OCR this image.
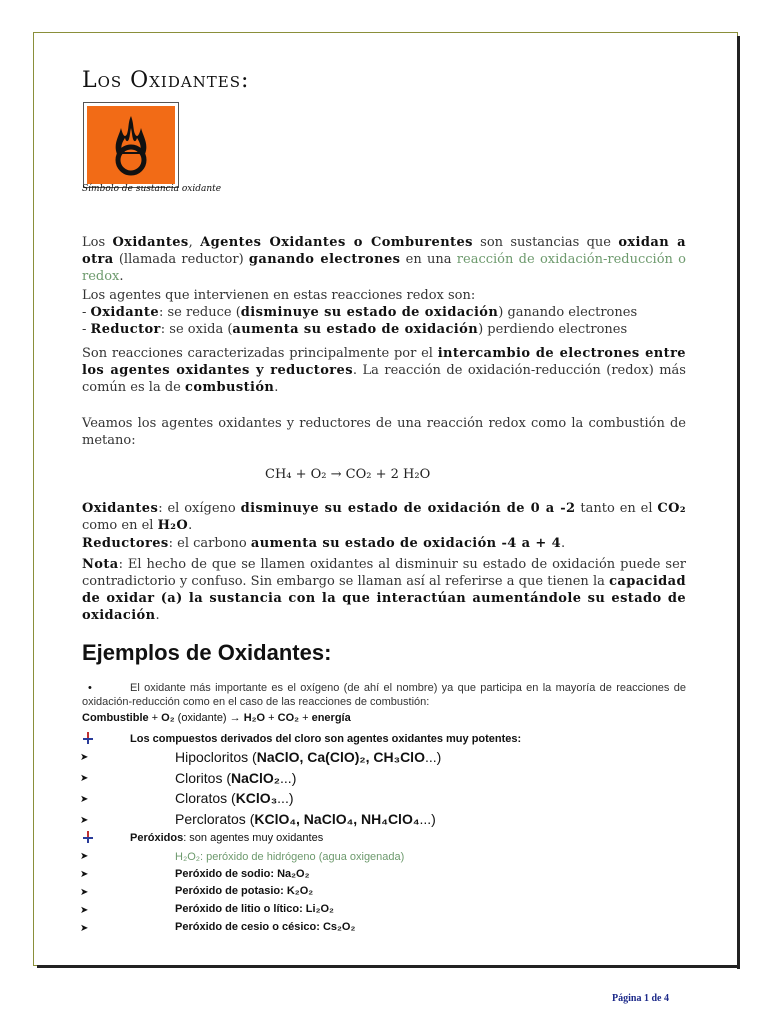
Los Oxidantes:
Símbolo de sustancia oxidante
Los Oxidantes, Agentes Oxidantes o Comburentes son sustancias que oxidan a otra (llamada reductor) ganando electrones en una reacción de oxidación-reducción o redox.
Los agentes que intervienen en estas reacciones redox son:
- Oxidante: se reduce (disminuye su estado de oxidación) ganando electrones
- Reductor: se oxida (aumenta su estado de oxidación) perdiendo electrones
Son reacciones caracterizadas principalmente por el intercambio de electrones entre los agentes oxidantes y reductores. La reacción de oxidación-reducción (redox) más común es la de combustión.
Veamos los agentes oxidantes y reductores de una reacción redox como la combustión de metano:
CH₄ + O₂ → CO₂ + 2 H₂O
Oxidantes: el oxígeno disminuye su estado de oxidación de 0 a -2 tanto en el CO₂ como en el H₂O.
Reductores: el carbono aumenta su estado de oxidación -4 a + 4.
Nota: El hecho de que se llamen oxidantes al disminuir su estado de oxidación puede ser contradictorio y confuso. Sin embargo se llaman así al referirse a que tienen la capacidad de oxidar (a) la sustancia con la que interactúan aumentándole su estado de oxidación.
Ejemplos de Oxidantes:
•	El oxidante más importante es el oxígeno (de ahí el nombre) ya que participa en la mayoría de reacciones de oxidación-reducción como en el caso de las reacciones de combustión:
Combustible + O₂ (oxidante) → H₂O + CO₂ + energía
Los compuestos derivados del cloro son agentes oxidantes muy potentes:
➤	Hipocloritos (NaClO, Ca(ClO)₂, CH₃ClO...)
➤	Cloritos (NaClO₂...)
➤	Cloratos (KClO₃...)
➤	Percloratos (KClO₄, NaClO₄, NH₄ClO₄...)
Peróxidos: son agentes muy oxidantes
➤	H₂O₂: peróxido de hidrógeno (agua oxigenada)
➤	Peróxido de sodio: Na₂O₂
➤	Peróxido de potasio: K₂O₂
➤	Peróxido de litio o lítico: Li₂O₂
➤	Peróxido de cesio o césico: Cs₂O₂
Página 1 de 4
